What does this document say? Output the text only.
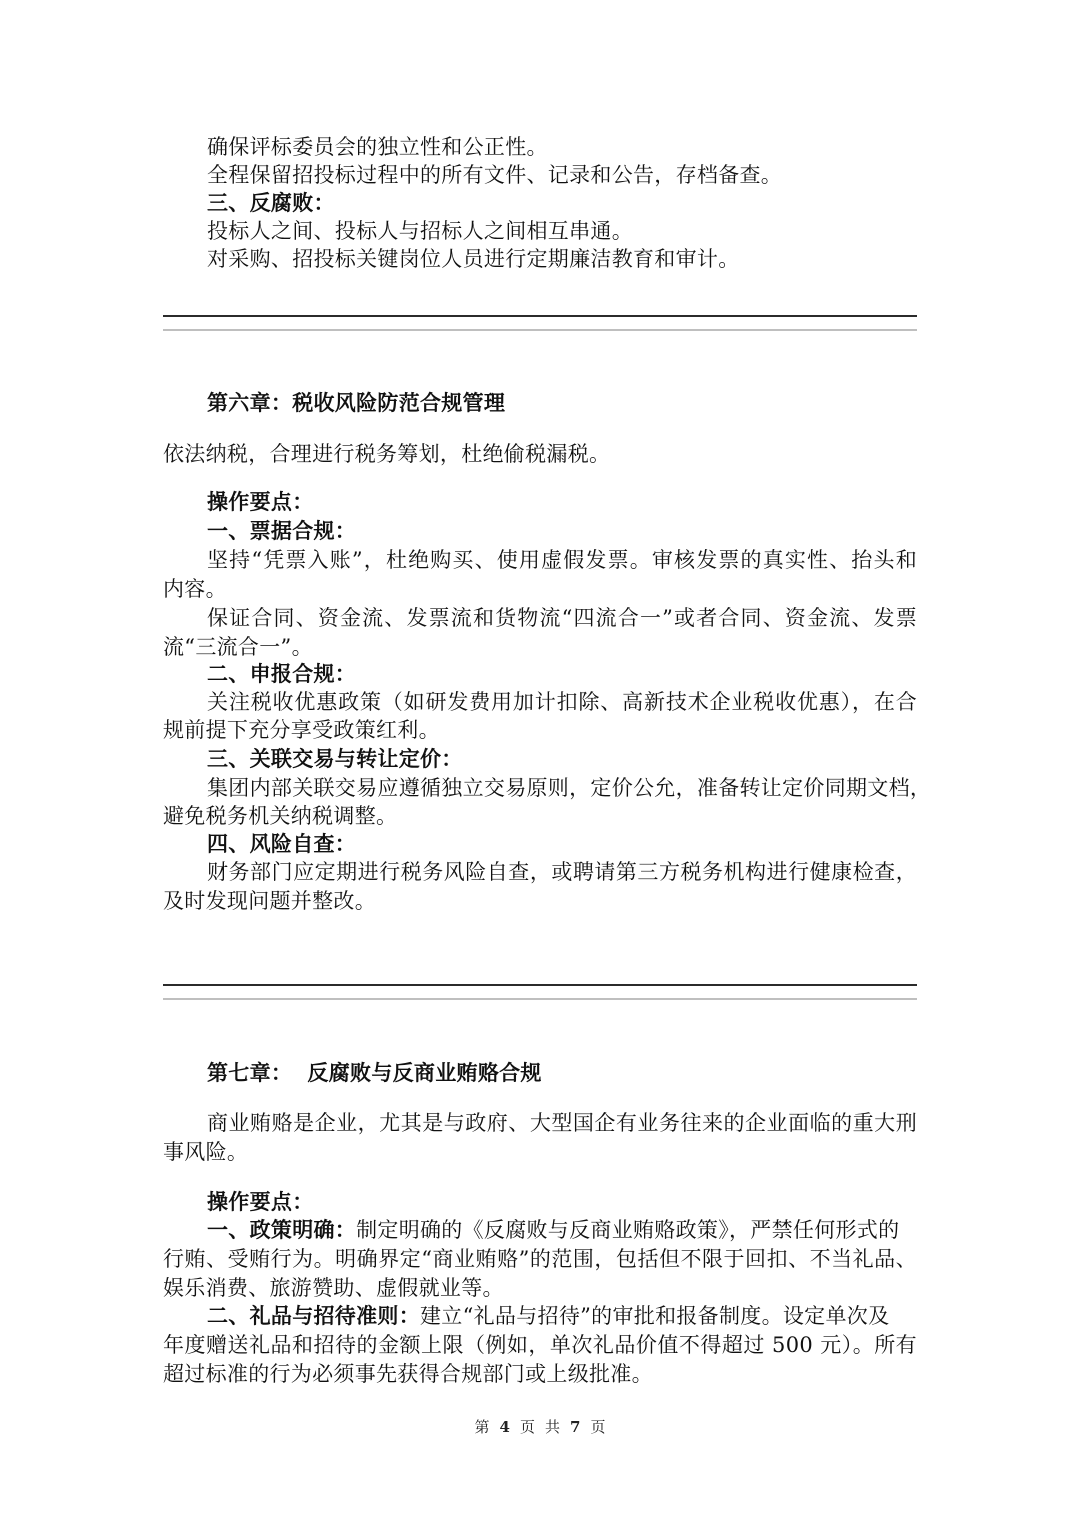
确保评标委员会的独立性和公正性。

全程保留招投标过程中的所有文件、记录和公告，存档备查。

三、反腐败：

投标人之间、投标人与招标人之间相互串通。

对采购、招投标关键岗位人员进行定期廉洁教育和审计。

第六章：税收风险防范合规管理

依法纳税，合理进行税务筹划，杜绝偷税漏税。

操作要点：

一、票据合规：

坚持“凭票入账”，杜绝购买、使用虚假发票。审核发票的真实性、抬头和

内容。

保证合同、资金流、发票流和货物流“四流合一”或者合同、资金流、发票

流“三流合一”。

二、申报合规：

关注税收优惠政策（如研发费用加计扣除、高新技术企业税收优惠），在合

规前提下充分享受政策红利。

三、关联交易与转让定价：

集团内部关联交易应遵循独立交易原则，定价公允，准备转让定价同期文档，

避免税务机关纳税调整。

四、风险自查：

财务部门应定期进行税务风险自查，或聘请第三方税务机构进行健康检查，

及时发现问题并整改。

第七章：  反腐败与反商业贿赂合规

商业贿赂是企业，尤其是与政府、大型国企有业务往来的企业面临的重大刑

事风险。

操作要点：

一、政策明确：制定明确的《反腐败与反商业贿赂政策》，严禁任何形式的

行贿、受贿行为。明确界定“商业贿赂”的范围，包括但不限于回扣、不当礼品、

娱乐消费、旅游赞助、虚假就业等。

二、礼品与招待准则：建立“礼品与招待”的审批和报备制度。设定单次及

年度赠送礼品和招待的金额上限（例如，单次礼品价值不得超过 500 元）。所有

超过标准的行为必须事先获得合规部门或上级批准。

第 4 页 共 7 页
